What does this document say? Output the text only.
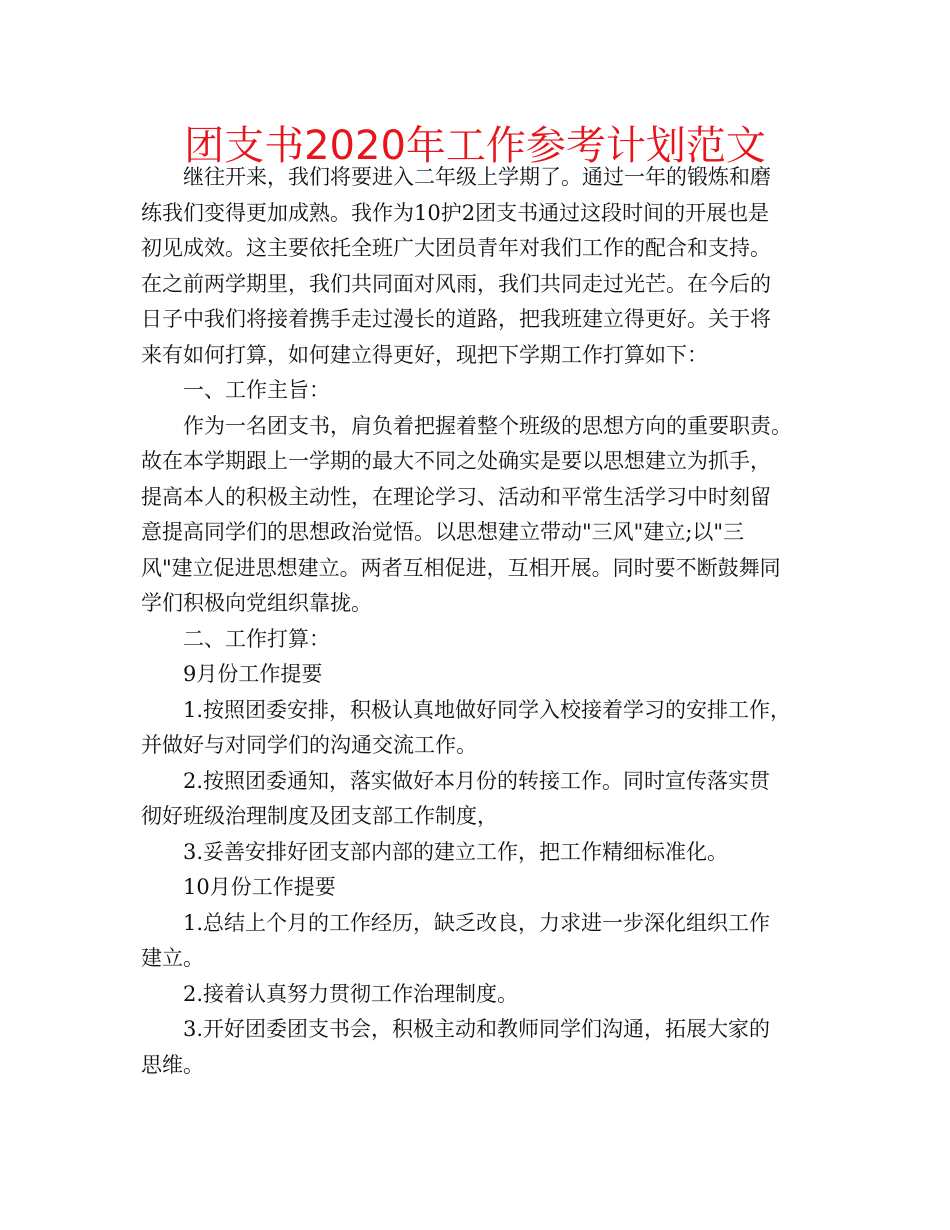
团支书2020年工作参考计划范文
继往开来，我们将要进入二年级上学期了。通过一年的锻炼和磨
练我们变得更加成熟。我作为10护2团支书通过这段时间的开展也是
初见成效。这主要依托全班广大团员青年对我们工作的配合和支持。
在之前两学期里，我们共同面对风雨，我们共同走过光芒。在今后的
日子中我们将接着携手走过漫长的道路，把我班建立得更好。关于将
来有如何打算，如何建立得更好，现把下学期工作打算如下：
一、工作主旨：
作为一名团支书，肩负着把握着整个班级的思想方向的重要职责。
故在本学期跟上一学期的最大不同之处确实是要以思想建立为抓手，
提高本人的积极主动性，在理论学习、活动和平常生活学习中时刻留
意提高同学们的思想政治觉悟。以思想建立带动"三风"建立;以"三
风"建立促进思想建立。两者互相促进，互相开展。同时要不断鼓舞同
学们积极向党组织靠拢。
二、工作打算：
9月份工作提要
1.按照团委安排，积极认真地做好同学入校接着学习的安排工作，
并做好与对同学们的沟通交流工作。
2.按照团委通知，落实做好本月份的转接工作。同时宣传落实贯
彻好班级治理制度及团支部工作制度，
3.妥善安排好团支部内部的建立工作，把工作精细标准化。
10月份工作提要
1.总结上个月的工作经历，缺乏改良，力求进一步深化组织工作
建立。
2.接着认真努力贯彻工作治理制度。
3.开好团委团支书会，积极主动和教师同学们沟通，拓展大家的
思维。
